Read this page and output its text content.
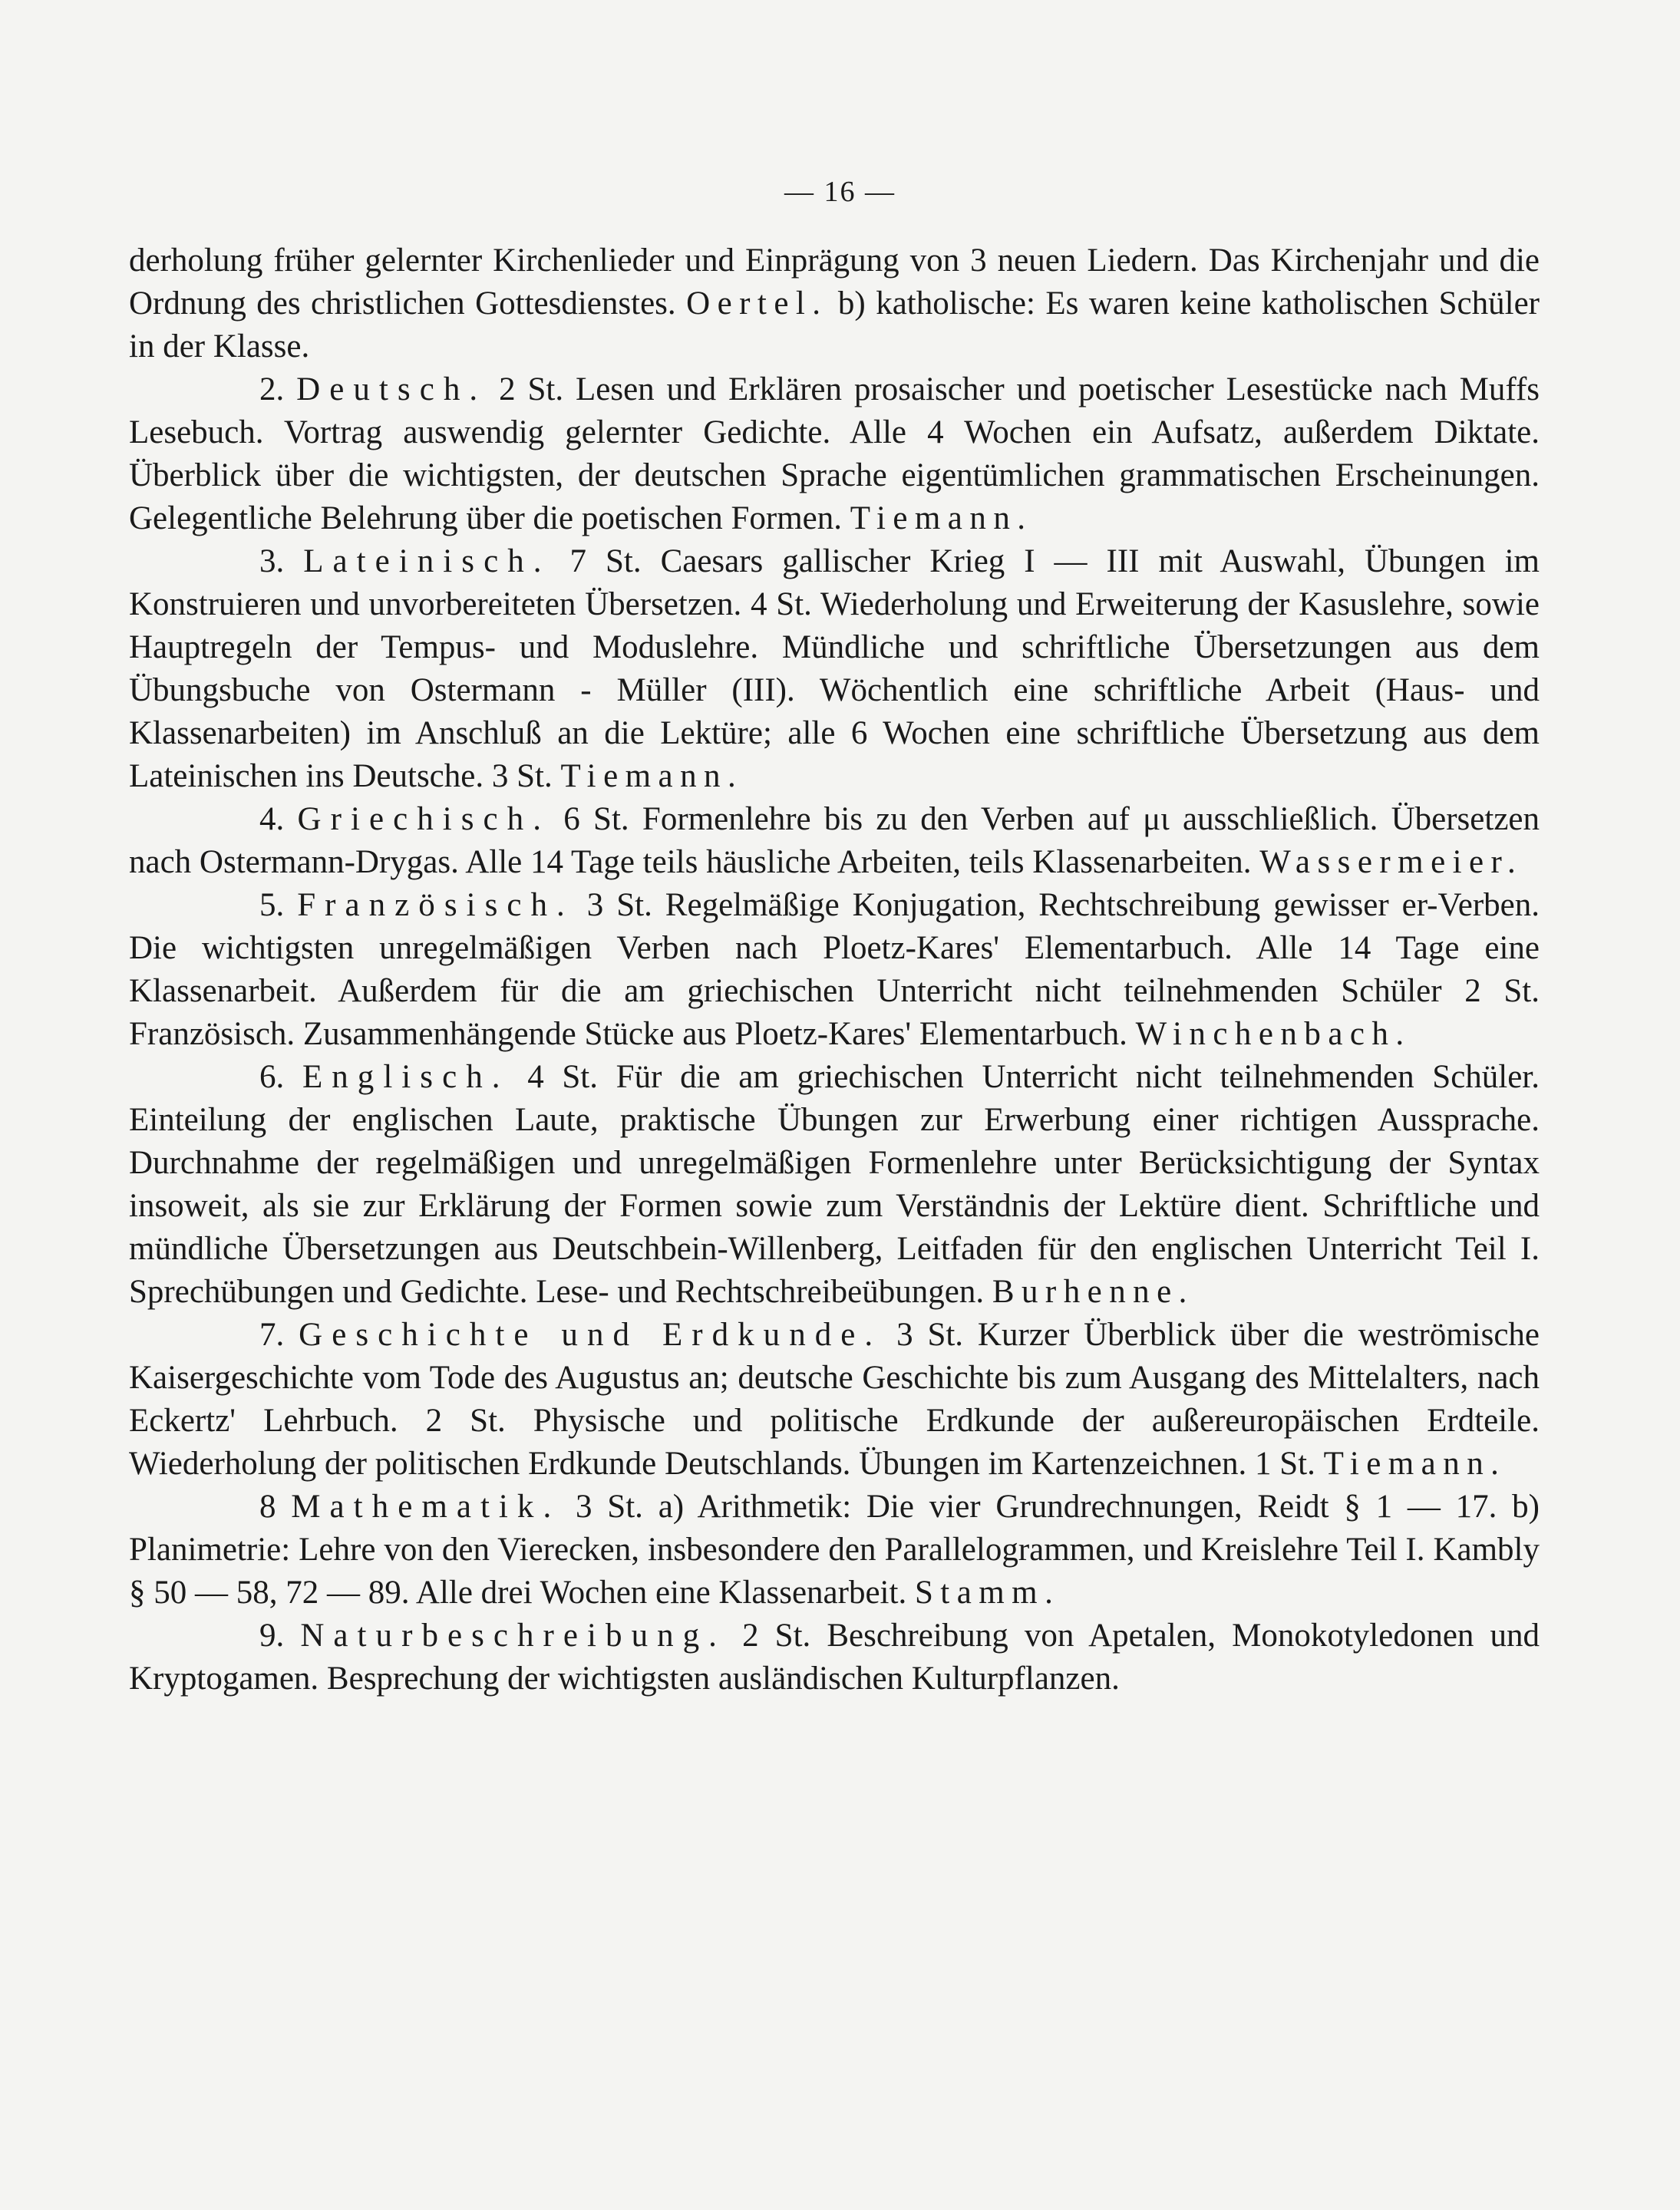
— 16 —

derholung früher gelernter Kirchenlieder und Einprägung von 3 neuen Liedern. Das Kirchenjahr und die Ordnung des christlichen Gottesdienstes. Oertel. b) katholische: Es waren keine katholischen Schüler in der Klasse.

2. Deutsch. 2 St. Lesen und Erklären prosaischer und poetischer Lesestücke nach Muffs Lesebuch. Vortrag auswendig gelernter Gedichte. Alle 4 Wochen ein Aufsatz, außerdem Diktate. Überblick über die wichtigsten, der deutschen Sprache eigentümlichen grammatischen Erscheinungen. Gelegentliche Belehrung über die poetischen Formen. Tiemann.

3. Lateinisch. 7 St. Caesars gallischer Krieg I — III mit Auswahl, Übungen im Konstruieren und unvorbereiteten Übersetzen. 4 St. Wiederholung und Erweiterung der Kasuslehre, sowie Hauptregeln der Tempus- und Moduslehre. Mündliche und schriftliche Übersetzungen aus dem Übungsbuche von Ostermann - Müller (III). Wöchentlich eine schriftliche Arbeit (Haus- und Klassenarbeiten) im Anschluß an die Lektüre; alle 6 Wochen eine schriftliche Übersetzung aus dem Lateinischen ins Deutsche. 3 St. Tiemann.

4. Griechisch. 6 St. Formenlehre bis zu den Verben auf μι ausschließlich. Übersetzen nach Ostermann-Drygas. Alle 14 Tage teils häusliche Arbeiten, teils Klassenarbeiten. Wassermeier.

5. Französisch. 3 St. Regelmäßige Konjugation, Rechtschreibung gewisser er-Verben. Die wichtigsten unregelmäßigen Verben nach Ploetz-Kares' Elementarbuch. Alle 14 Tage eine Klassenarbeit. Außerdem für die am griechischen Unterricht nicht teilnehmenden Schüler 2 St. Französisch. Zusammenhängende Stücke aus Ploetz-Kares' Elementarbuch. Winchenbach.

6. Englisch. 4 St. Für die am griechischen Unterricht nicht teilnehmenden Schüler. Einteilung der englischen Laute, praktische Übungen zur Erwerbung einer richtigen Aussprache. Durchnahme der regelmäßigen und unregelmäßigen Formenlehre unter Berücksichtigung der Syntax insoweit, als sie zur Erklärung der Formen sowie zum Verständnis der Lektüre dient. Schriftliche und mündliche Übersetzungen aus Deutschbein-Willenberg, Leitfaden für den englischen Unterricht Teil I. Sprechübungen und Gedichte. Lese- und Rechtschreibeübungen. Burhenne.

7. Geschichte und Erdkunde. 3 St. Kurzer Überblick über die weströmische Kaisergeschichte vom Tode des Augustus an; deutsche Geschichte bis zum Ausgang des Mittelalters, nach Eckertz' Lehrbuch. 2 St. Physische und politische Erdkunde der außereuropäischen Erdteile. Wiederholung der politischen Erdkunde Deutschlands. Übungen im Kartenzeichnen. 1 St. Tiemann.

8 Mathematik. 3 St. a) Arithmetik: Die vier Grundrechnungen, Reidt § 1 — 17. b) Planimetrie: Lehre von den Vierecken, insbesondere den Parallelogrammen, und Kreislehre Teil I. Kambly § 50 — 58, 72 — 89. Alle drei Wochen eine Klassenarbeit. Stamm.

9. Naturbeschreibung. 2 St. Beschreibung von Apetalen, Monokotyledonen und Kryptogamen. Besprechung der wichtigsten ausländischen Kulturpflanzen.
